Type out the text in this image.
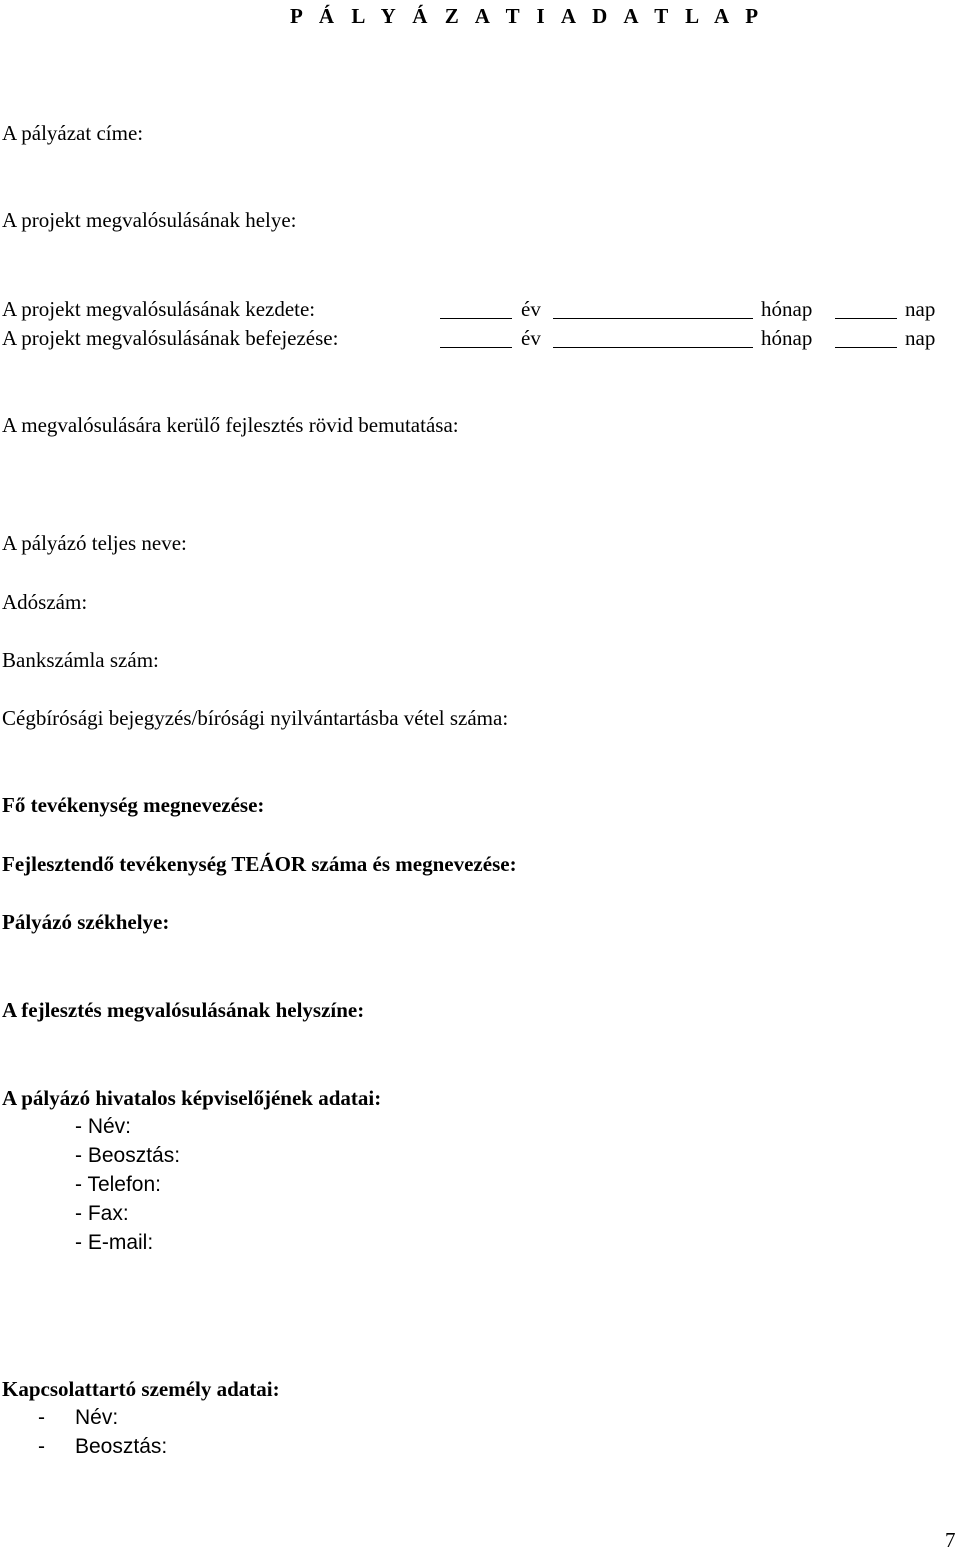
P Á L Y Á Z A T I A D A T L A P
A pályázat címe:
A projekt megvalósulásának helye:
A projekt megvalósulásának kezdete:	év	hónap	nap
A projekt megvalósulásának befejezése:	év	hónap	nap
A megvalósulására kerülő fejlesztés rövid bemutatása:
A pályázó teljes neve:
Adószám:
Bankszámla szám:
Cégbírósági bejegyzés/bírósági nyilvántartásba vétel száma:
Fő tevékenység megnevezése:
Fejlesztendő tevékenység TEÁOR száma és megnevezése:
Pályázó székhelye:
A fejlesztés megvalósulásának helyszíne:
A pályázó hivatalos képviselőjének adatai:
- Név:
- Beosztás:
- Telefon:
- Fax:
- E-mail:
Kapcsolattartó személy adatai:
- Név:
- Beosztás:
7
